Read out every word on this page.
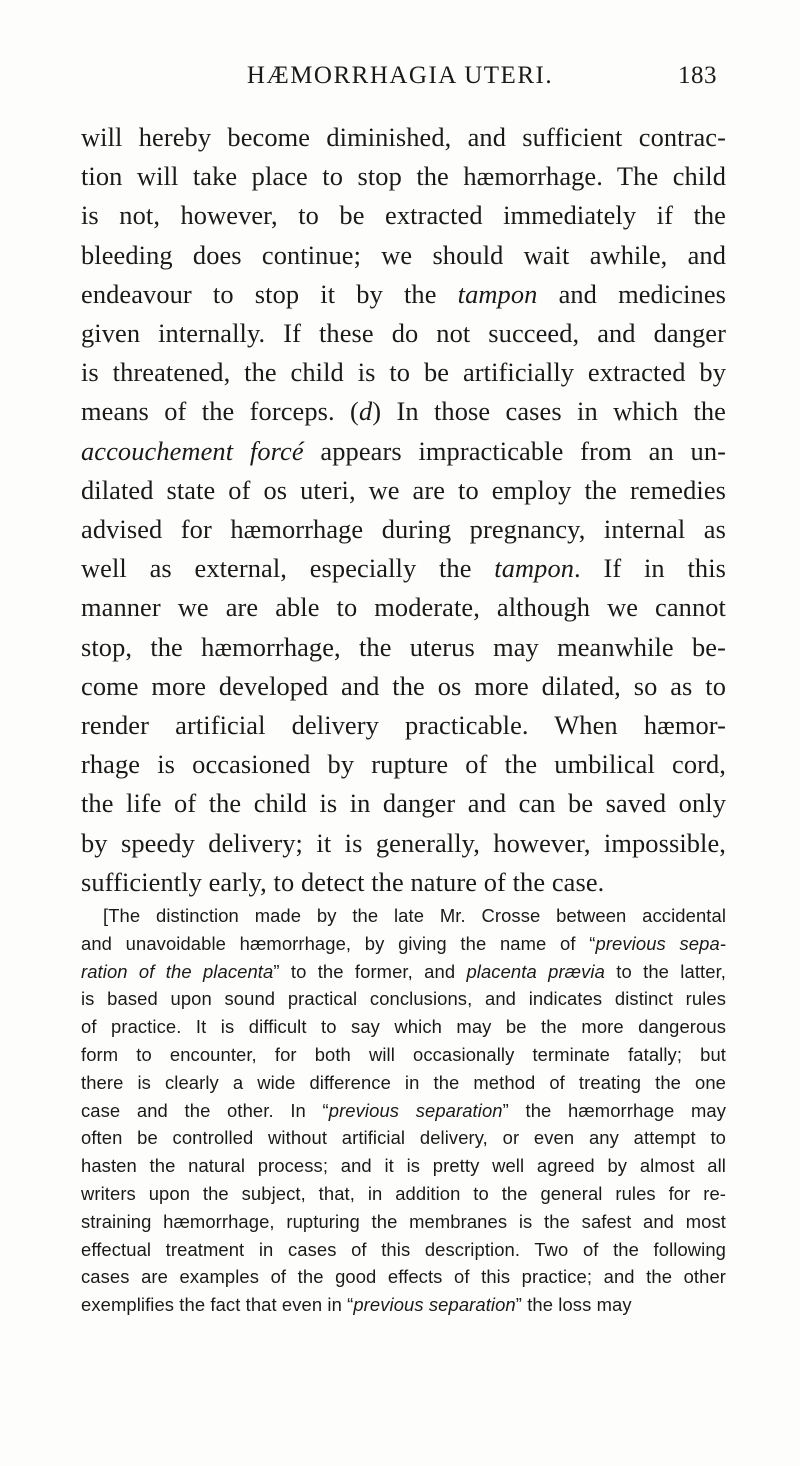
HÆMORRHAGIA UTERI.	183
will hereby become diminished, and sufficient contrac-
tion will take place to stop the hæmorrhage. The child
is not, however, to be extracted immediately if the
bleeding does continue; we should wait awhile, and
endeavour to stop it by the tampon and medicines
given internally. If these do not succeed, and danger
is threatened, the child is to be artificially extracted by
means of the forceps. (d) In those cases in which the
accouchement forcé appears impracticable from an un-
dilated state of os uteri, we are to employ the remedies
advised for hæmorrhage during pregnancy, internal as
well as external, especially the tampon. If in this
manner we are able to moderate, although we cannot
stop, the hæmorrhage, the uterus may meanwhile be-
come more developed and the os more dilated, so as to
render artificial delivery practicable. When hæmor-
rhage is occasioned by rupture of the umbilical cord,
the life of the child is in danger and can be saved only
by speedy delivery; it is generally, however, impossible,
sufficiently early, to detect the nature of the case.
[The distinction made by the late Mr. Crosse between accidental
and unavoidable hæmorrhage, by giving the name of “previous sepa-
ration of the placenta” to the former, and placenta prævia to the latter,
is based upon sound practical conclusions, and indicates distinct rules
of practice. It is difficult to say which may be the more dangerous
form to encounter, for both will occasionally terminate fatally; but
there is clearly a wide difference in the method of treating the one
case and the other. In “previous separation” the hæmorrhage may
often be controlled without artificial delivery, or even any attempt to
hasten the natural process; and it is pretty well agreed by almost all
writers upon the subject, that, in addition to the general rules for re-
straining hæmorrhage, rupturing the membranes is the safest and most
effectual treatment in cases of this description. Two of the following
cases are examples of the good effects of this practice; and the other
exemplifies the fact that even in “previous separation” the loss may
